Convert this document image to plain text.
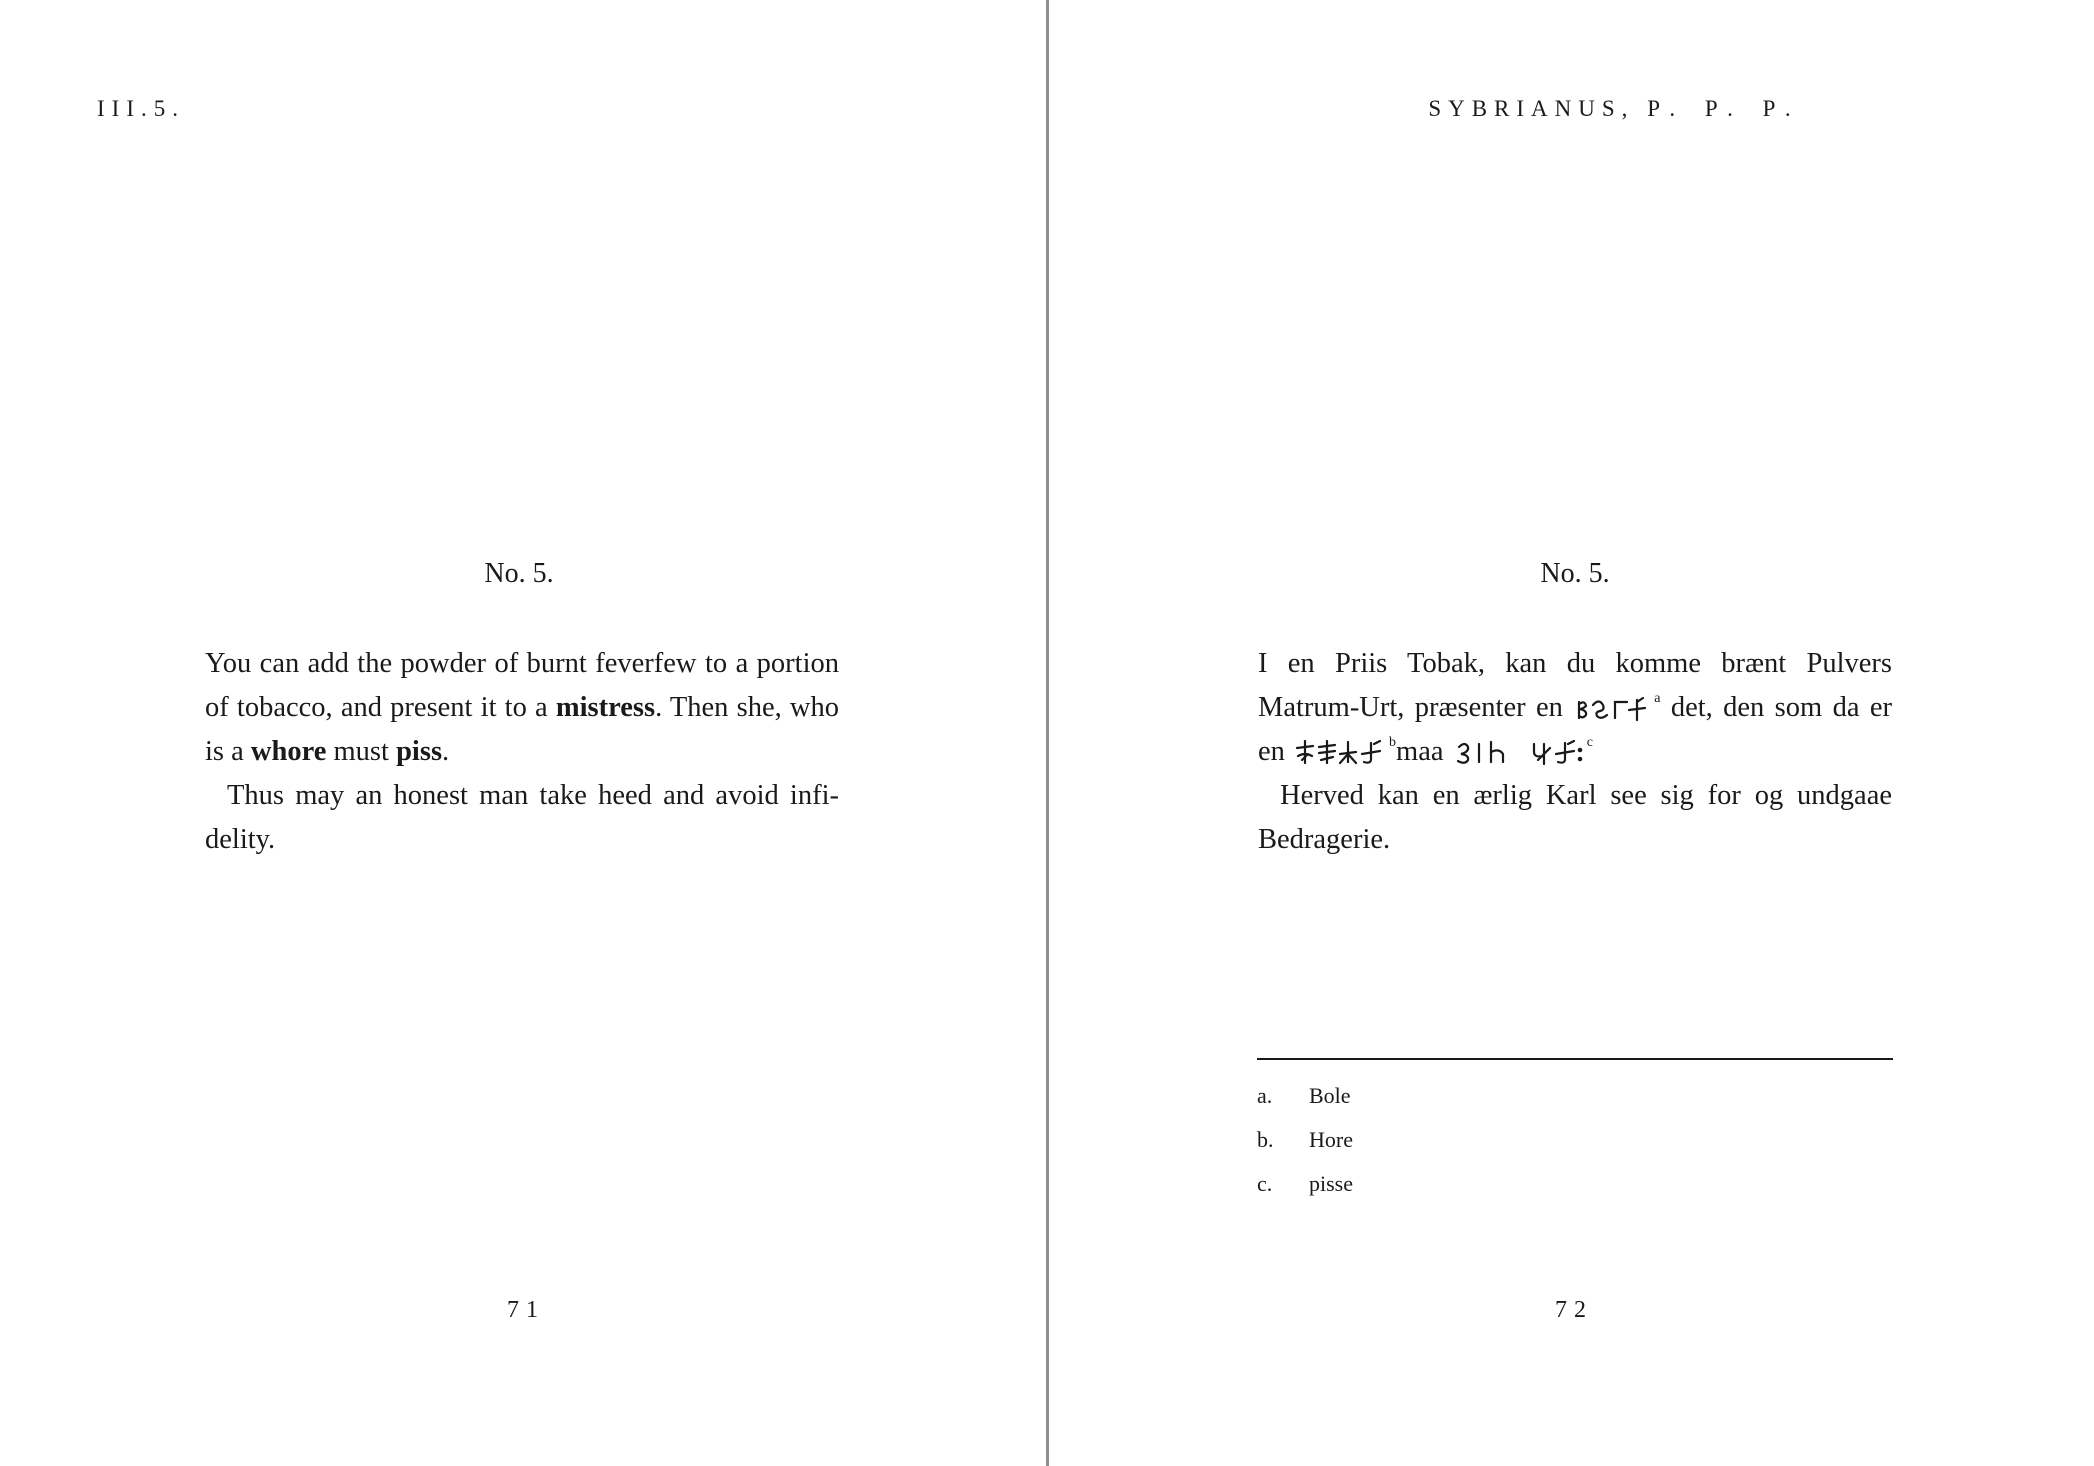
III.5.
No. 5.

You can add the powder of burnt feverfew to a portion of tobacco, and present it to a mistress. Then she, who is a whore must piss.

Thus may an honest man take heed and avoid infi-delity.

71
SYBRIANUS, P. P. P.
No. 5.

I en Priis Tobak, kan du komme brænt Pulvers Matrum-Urt, præsenter en	$^a$ det, den som da er en	$^b$maa
	$^c$

Herved kan en ærlig Karl see sig for og undgaae Bedragerie.

a.	Bole
b.	Hore
c.	pisse
72
